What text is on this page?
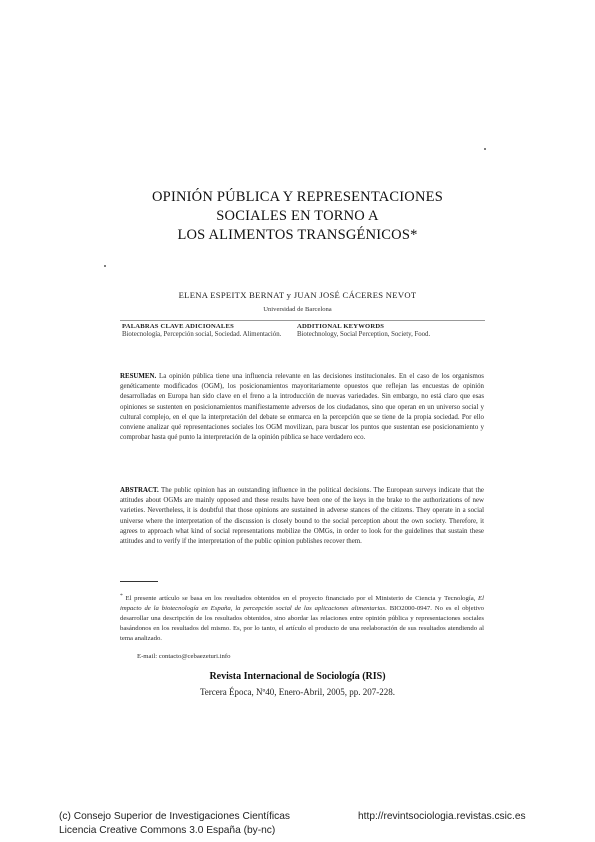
OPINIÓN PÚBLICA Y REPRESENTACIONES
SOCIALES EN TORNO A
LOS ALIMENTOS TRANSGÉNICOS*
ELENA ESPEITX BERNAT y JUAN JOSÉ CÁCERES NEVOT
Universidad de Barcelona
PALABRAS CLAVE ADICIONALES
Biotecnología, Percepción social, Sociedad. Alimentación.
ADDITIONAL KEYWORDS
Biotechnology, Social Perception, Society, Food.
RESUMEN. La opinión pública tiene una influencia relevante en las decisiones institucionales. En el caso de los organismos genéticamente modificados (OGM), los posicionamientos mayoritariamente opuestos que reflejan las encuestas de opinión desarrolladas en Europa han sido clave en el freno a la introducción de nuevas variedades. Sin embargo, no está claro que esas opiniones se sustenten en posicionamientos manifiestamente adversos de los ciudadanos, sino que operan en un universo social y cultural complejo, en el que la interpretación del debate se enmarca en la percepción que se tiene de la propia sociedad. Por ello conviene analizar qué representaciones sociales los OGM movilizan, para buscar los puntos que sustentan ese posicionamiento y comprobar hasta qué punto la interpretación de la opinión pública se hace verdadero eco.
ABSTRACT. The public opinion has an outstanding influence in the political decisions. The European surveys indicate that the attitudes about OGMs are mainly opposed and these results have been one of the keys in the brake to the authorizations of new varieties. Nevertheless, it is doubtful that those opinions are sustained in adverse stances of the citizens. They operate in a social universe where the interpretation of the discussion is closely bound to the social perception about the own society. Therefore, it agrees to approach what kind of social representations mobilize the OMGs, in order to look for the guidelines that sustain these attitudes and to verify if the interpretation of the public opinion publishes recover them.
* El presente artículo se basa en los resultados obtenidos en el proyecto financiado por el Ministerio de Ciencia y Tecnología, El impacto de la biotecnología en España, la percepción social de las aplicaciones alimentarias. BIO2000-0947. No es el objetivo desarrollar una descripción de los resultados obtenidos, sino abordar las relaciones entre opinión pública y representaciones sociales basándonos en los resultados del mismo. Es, por lo tanto, el artículo el producto de una reelaboración de sus resultados atendiendo al tema analizado.
E-mail: contacto@cebaezeturi.info
Revista Internacional de Sociología (RIS)
Tercera Época, Nº40, Enero-Abril, 2005, pp. 207-228.
(c) Consejo Superior de Investigaciones Científicas
Licencia Creative Commons 3.0 España (by-nc)
http://revintsociologia.revistas.csic.es
